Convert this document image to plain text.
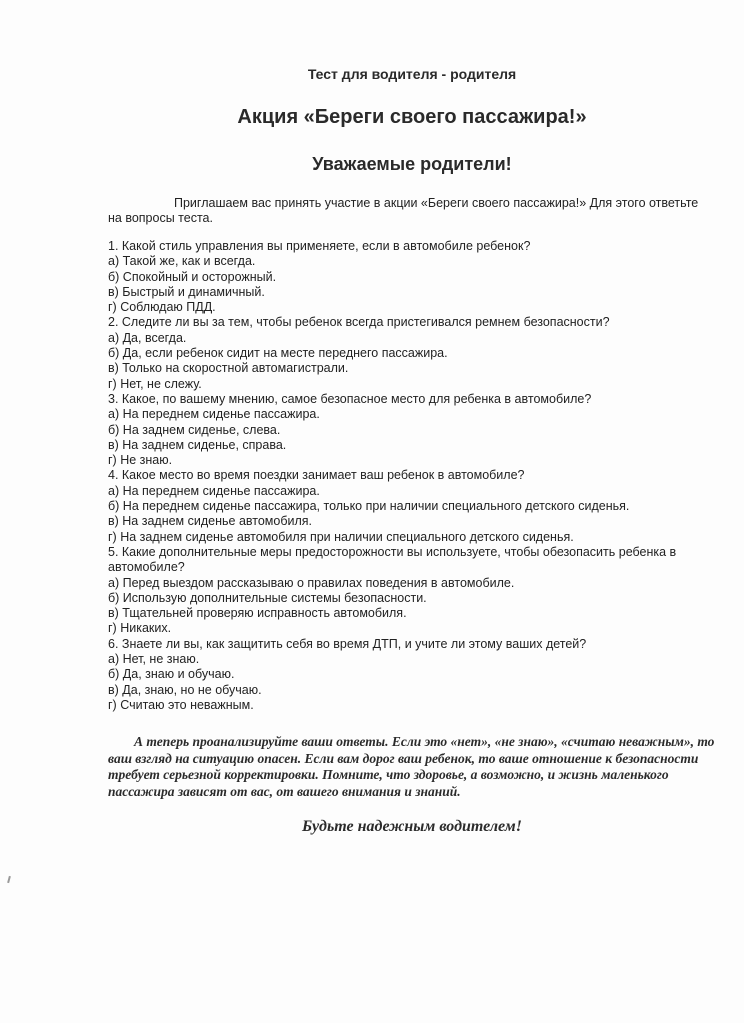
Тест для водителя - родителя
Акция «Береги своего пассажира!»
Уважаемые родители!
Приглашаем вас принять участие в акции «Береги своего пассажира!» Для этого ответьте на вопросы теста.
1. Какой стиль управления вы применяете, если в автомобиле ребенок?
а) Такой же, как и всегда.
б) Спокойный и осторожный.
в) Быстрый и динамичный.
г) Соблюдаю ПДД.
2. Следите ли вы за тем, чтобы ребенок всегда пристегивался ремнем безопасности?
а) Да, всегда.
б) Да, если ребенок сидит на месте переднего пассажира.
в) Только на скоростной автомагистрали.
г) Нет, не слежу.
3. Какое, по вашему мнению, самое безопасное место для ребенка в автомобиле?
а) На переднем сиденье пассажира.
б) На заднем сиденье, слева.
в) На заднем сиденье, справа.
г) Не знаю.
4. Какое место во время поездки занимает ваш ребенок в автомобиле?
а) На переднем сиденье пассажира.
б) На переднем сиденье пассажира, только при наличии специального детского сиденья.
в) На заднем сиденье автомобиля.
г) На заднем сиденье автомобиля при наличии специального детского сиденья.
5. Какие дополнительные меры предосторожности вы используете, чтобы обезопасить ребенка в автомобиле?
а) Перед выездом рассказываю о правилах поведения в автомобиле.
б) Использую дополнительные системы безопасности.
в) Тщательней проверяю исправность автомобиля.
г) Никаких.
6. Знаете ли вы, как защитить себя во время ДТП, и учите ли этому ваших детей?
а) Нет, не знаю.
б) Да, знаю и обучаю.
в) Да, знаю, но не обучаю.
г) Считаю это неважным.
А теперь проанализируйте ваши ответы. Если это «нет», «не знаю», «считаю неважным», то ваш взгляд на ситуацию опасен. Если вам дорог ваш ребенок, то ваше отношение к безопасности требует серьезной корректировки. Помните, что здоровье, а возможно, и жизнь маленького пассажира зависят от вас, от вашего внимания и знаний.
Будьте надежным водителем!
